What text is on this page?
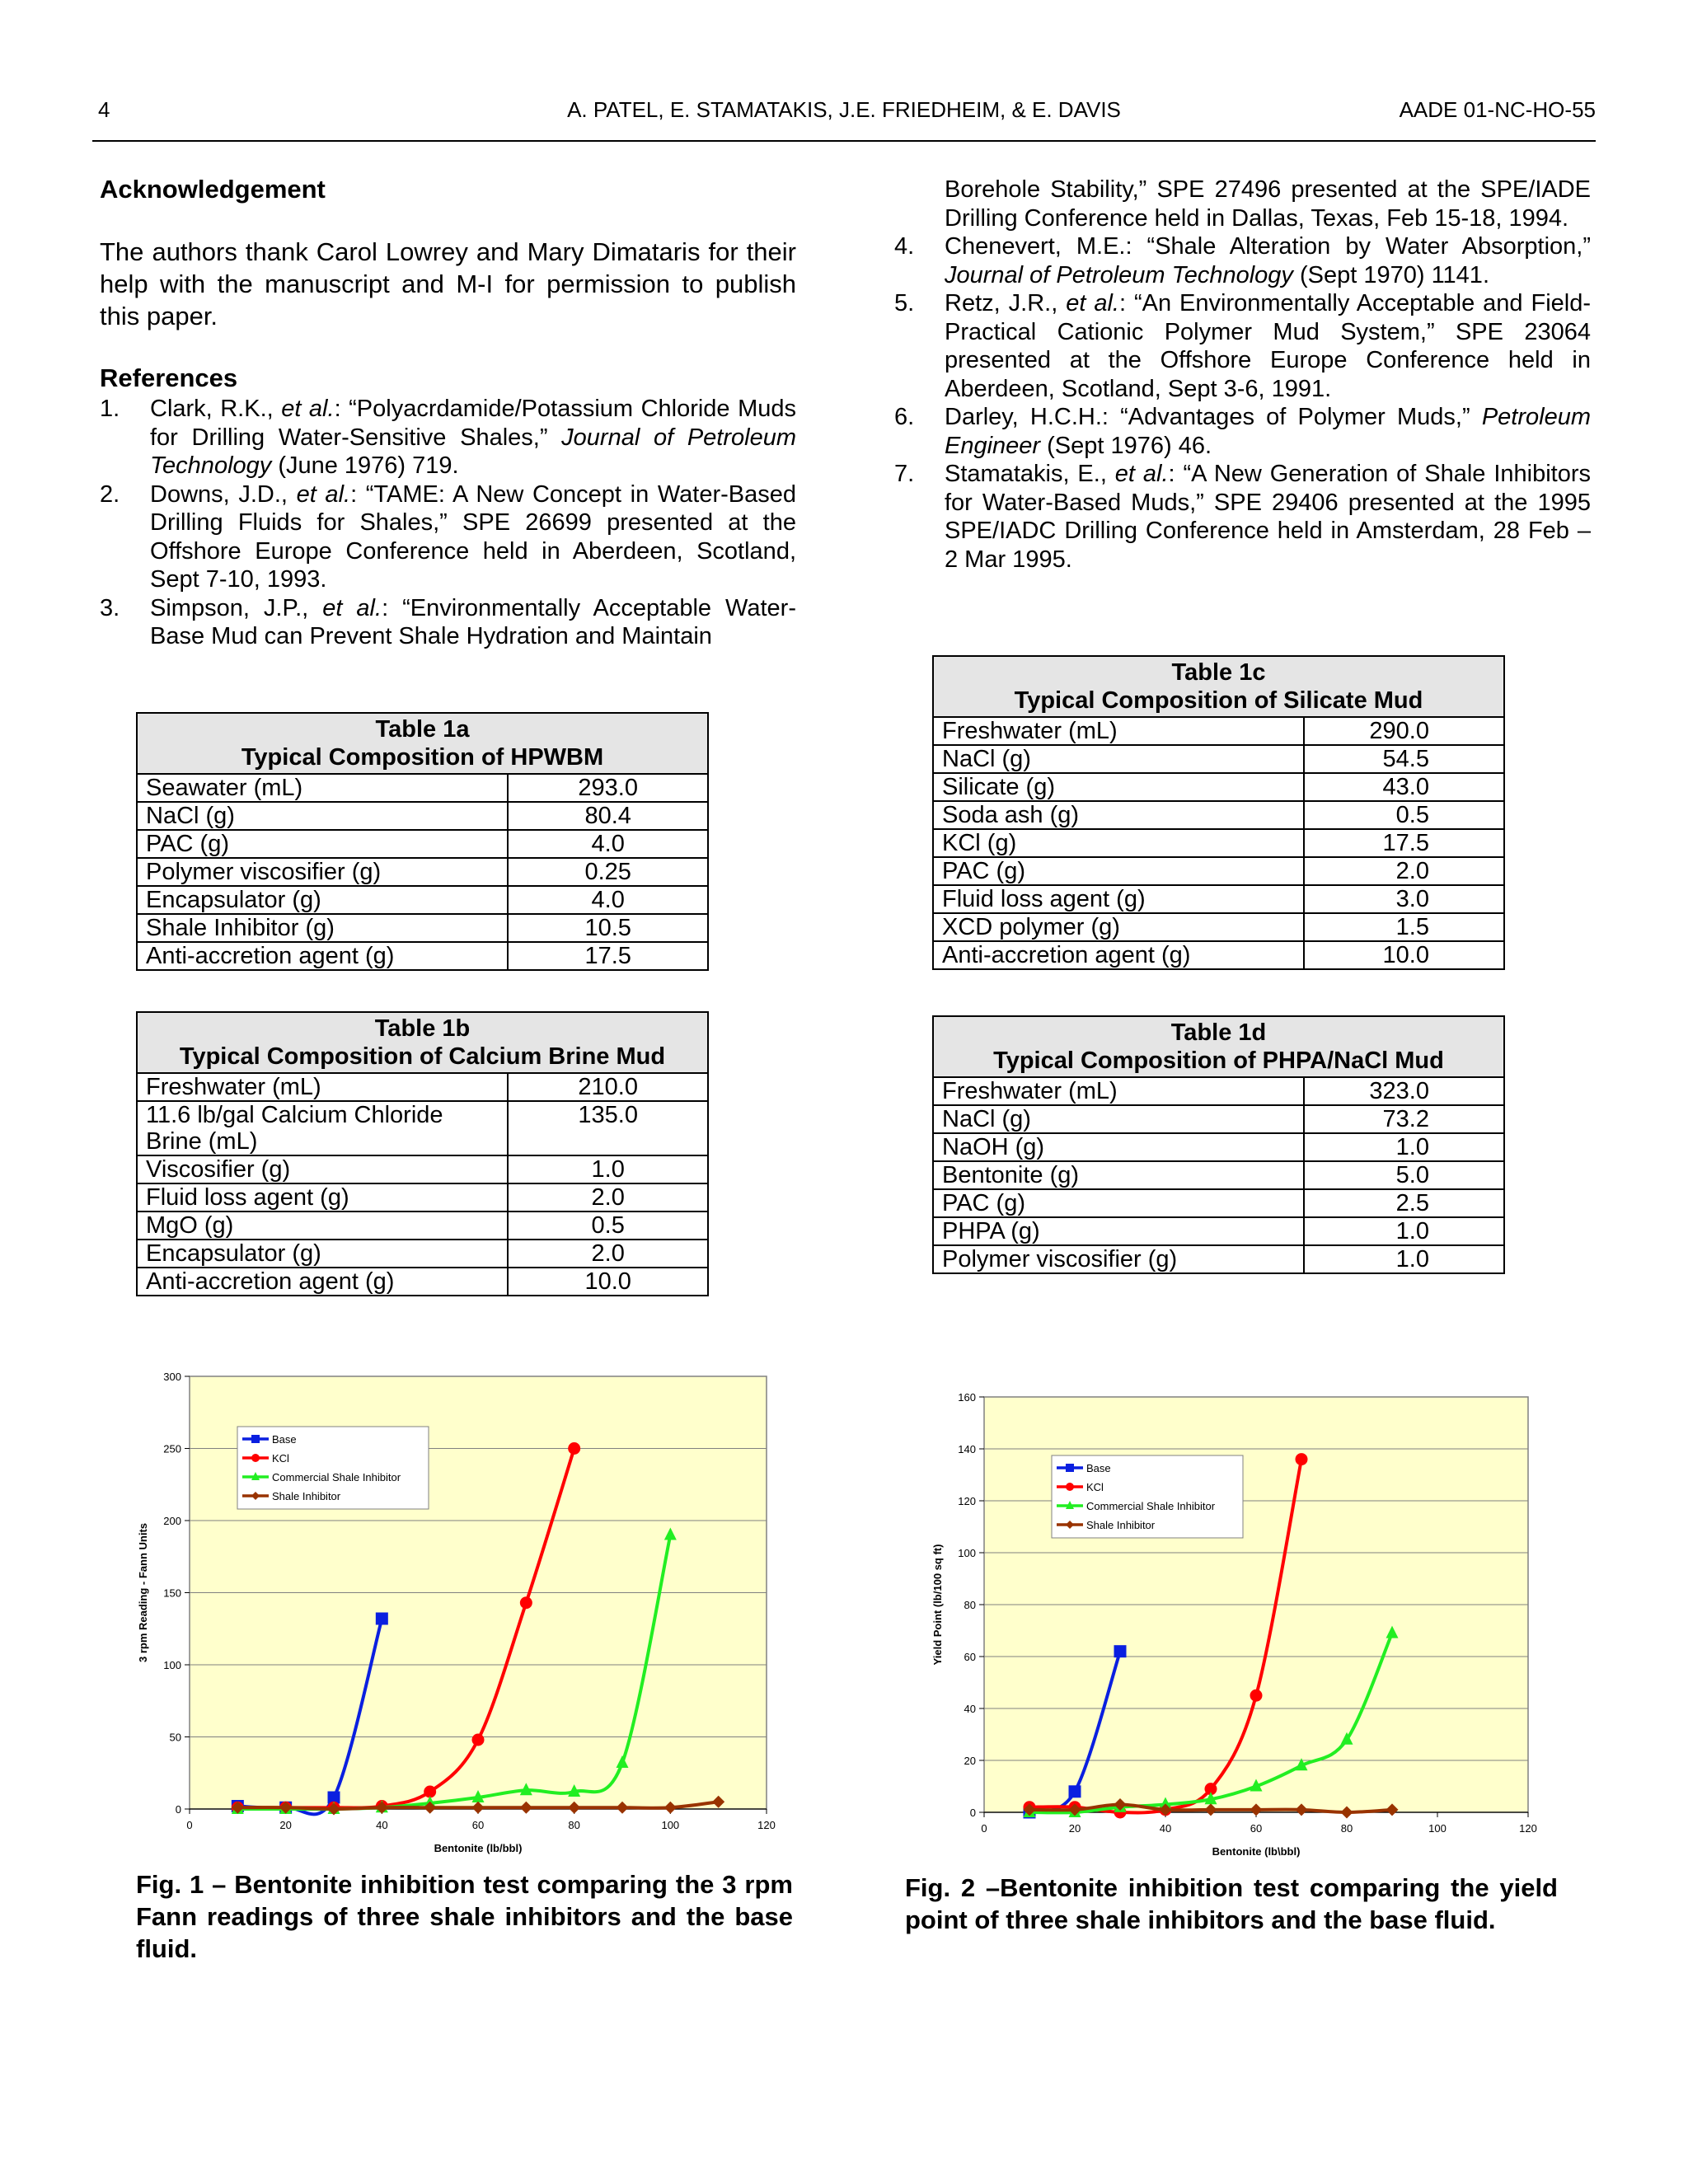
4	A. PATEL, E. STAMATAKIS, J.E. FRIEDHEIM, & E. DAVIS	AADE 01-NC-HO-55
Acknowledgement
The authors thank Carol Lowrey and Mary Dimataris for their help with the manuscript and M-I for permission to publish this paper.
References
1. Clark, R.K., et al.: “Polyacrdamide/Potassium Chloride Muds for Drilling Water-Sensitive Shales,” Journal of Petroleum Technology (June 1976) 719.
2. Downs, J.D., et al.: “TAME: A New Concept in Water-Based Drilling Fluids for Shales,” SPE 26699 presented at the Offshore Europe Conference held in Aberdeen, Scotland, Sept 7-10, 1993.
3. Simpson, J.P., et al.: “Environmentally Acceptable Water-Base Mud can Prevent Shale Hydration and Maintain
Borehole Stability,” SPE 27496 presented at the SPE/IADE Drilling Conference held in Dallas, Texas, Feb 15-18, 1994.
4. Chenevert, M.E.: “Shale Alteration by Water Absorption,” Journal of Petroleum Technology (Sept 1970) 1141.
5. Retz, J.R., et al.: “An Environmentally Acceptable and Field-Practical Cationic Polymer Mud System,” SPE 23064 presented at the Offshore Europe Conference held in Aberdeen, Scotland, Sept 3-6, 1991.
6. Darley, H.C.H.: “Advantages of Polymer Muds,” Petroleum Engineer (Sept 1976) 46.
7. Stamatakis, E., et al.: “A New Generation of Shale Inhibitors for Water-Based Muds,” SPE 29406 presented at the 1995 SPE/IADC Drilling Conference held in Amsterdam, 28 Feb –2 Mar 1995.
Table 1a
Typical Composition of HPWBM	

Seawater (mL)	293.0
NaCl (g)	80.4
PAC (g)	4.0
Polymer viscosifier (g)	0.25
Encapsulator (g)	4.0
Shale Inhibitor (g)	10.5
Anti-accretion agent (g)	17.5
Table 1b
Typical Composition of Calcium Brine Mud	

Freshwater (mL)	210.0
11.6 lb/gal Calcium Chloride Brine (mL)	135.0
Viscosifier (g)	1.0
Fluid loss agent (g)	2.0
MgO (g)	0.5
Encapsulator (g)	2.0
Anti-accretion agent (g)	10.0
Table 1c
Typical Composition of Silicate Mud	

Freshwater (mL)	290.0
NaCl (g)	54.5
Silicate (g)	43.0
Soda ash (g)	0.5
KCl (g)	17.5
PAC (g)	2.0
Fluid loss agent (g)	3.0
XCD polymer (g)	1.5
Anti-accretion agent (g)	10.0
Table 1d
Typical Composition of PHPA/NaCl Mud	

Freshwater (mL)	323.0
NaCl (g)	73.2
NaOH (g)	1.0
Bentonite (g)	5.0
PAC (g)	2.5
PHPA (g)	1.0
Polymer viscosifier (g)	1.0
0
50
100
150
200
250
300
0	20	40	60	80	100	120
Bentonite (lb/bbl)
3 rpm Reading - Fann Units
Base
KCl
Commercial Shale Inhibitor
Shale Inhibitor
0
20
40
60
80
100
120
140
160
0	20	40	60	80	100	120
Bentonite (lb\bbl)
Yield Point (lb/100 sq ft)
Base
KCl
Commercial Shale Inhibitor
Shale Inhibitor
Fig. 1 – Bentonite inhibition test comparing the 3 rpm Fann readings of three shale inhibitors and the base fluid.
Fig. 2 –Bentonite inhibition test comparing the yield point of three shale inhibitors and the base fluid.
